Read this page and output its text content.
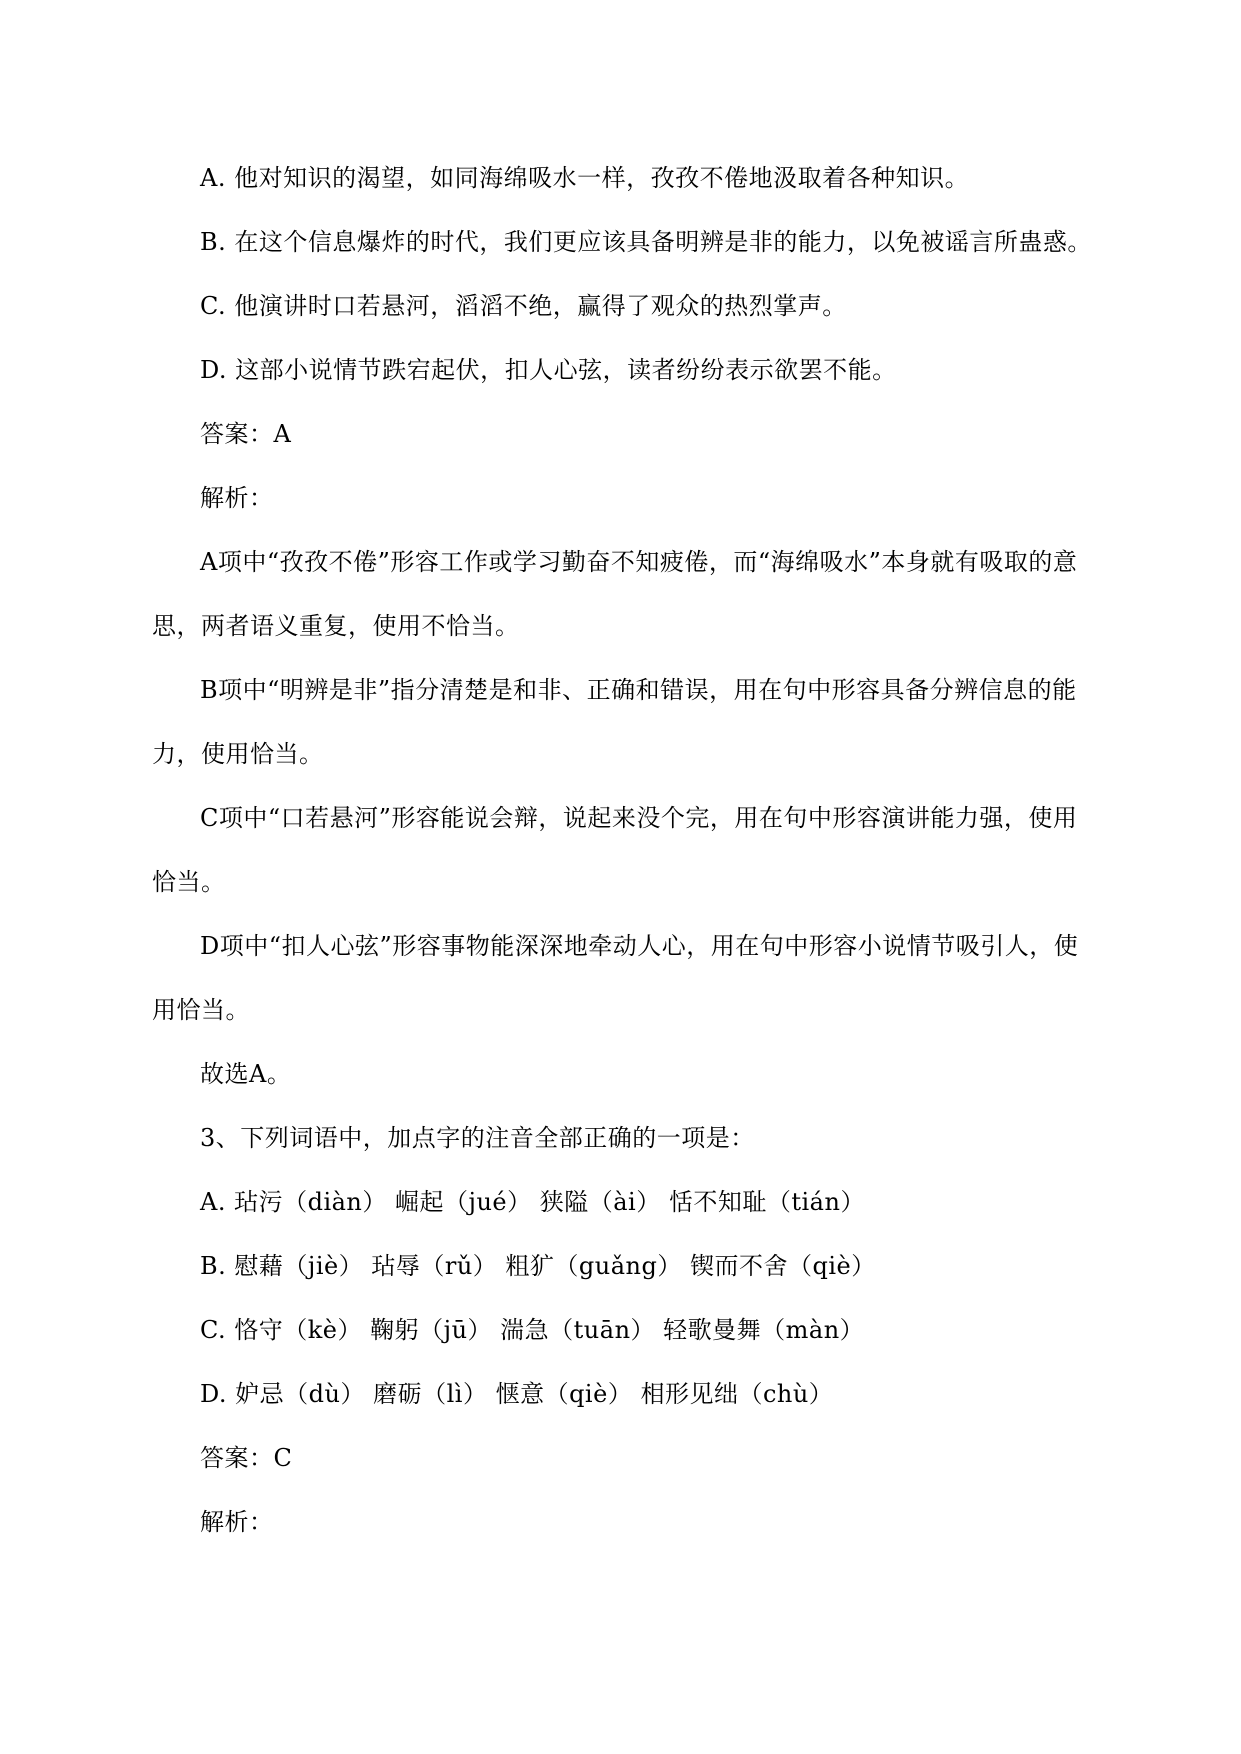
A. 他对知识的渴望，如同海绵吸水一样，孜孜不倦地汲取着各种知识。

B. 在这个信息爆炸的时代，我们更应该具备明辨是非的能力，以免被谣言所蛊惑。

C. 他演讲时口若悬河，滔滔不绝，赢得了观众的热烈掌声。

D. 这部小说情节跌宕起伏，扣人心弦，读者纷纷表示欲罢不能。

答案：A

解析：

A项中“孜孜不倦”形容工作或学习勤奋不知疲倦，而“海绵吸水”本身就有吸取的意思，两者语义重复，使用不恰当。

B项中“明辨是非”指分清楚是和非、正确和错误，用在句中形容具备分辨信息的能力，使用恰当。

C项中“口若悬河”形容能说会辩，说起来没个完，用在句中形容演讲能力强，使用恰当。

D项中“扣人心弦”形容事物能深深地牵动人心，用在句中形容小说情节吸引人，使用恰当。

故选A。

3、下列词语中，加点字的注音全部正确的一项是：

A. 玷污（diàn） 崛起（jué） 狭隘（ài） 恬不知耻（tián）

B. 慰藉（jiè） 玷辱（rǔ） 粗犷（guǎng） 锲而不舍（qiè）

C. 恪守（kè） 鞠躬（jū） 湍急（tuān） 轻歌曼舞（màn）

D. 妒忌（dù） 磨砺（lì） 惬意（qiè） 相形见绌（chù）

答案：C

解析：
